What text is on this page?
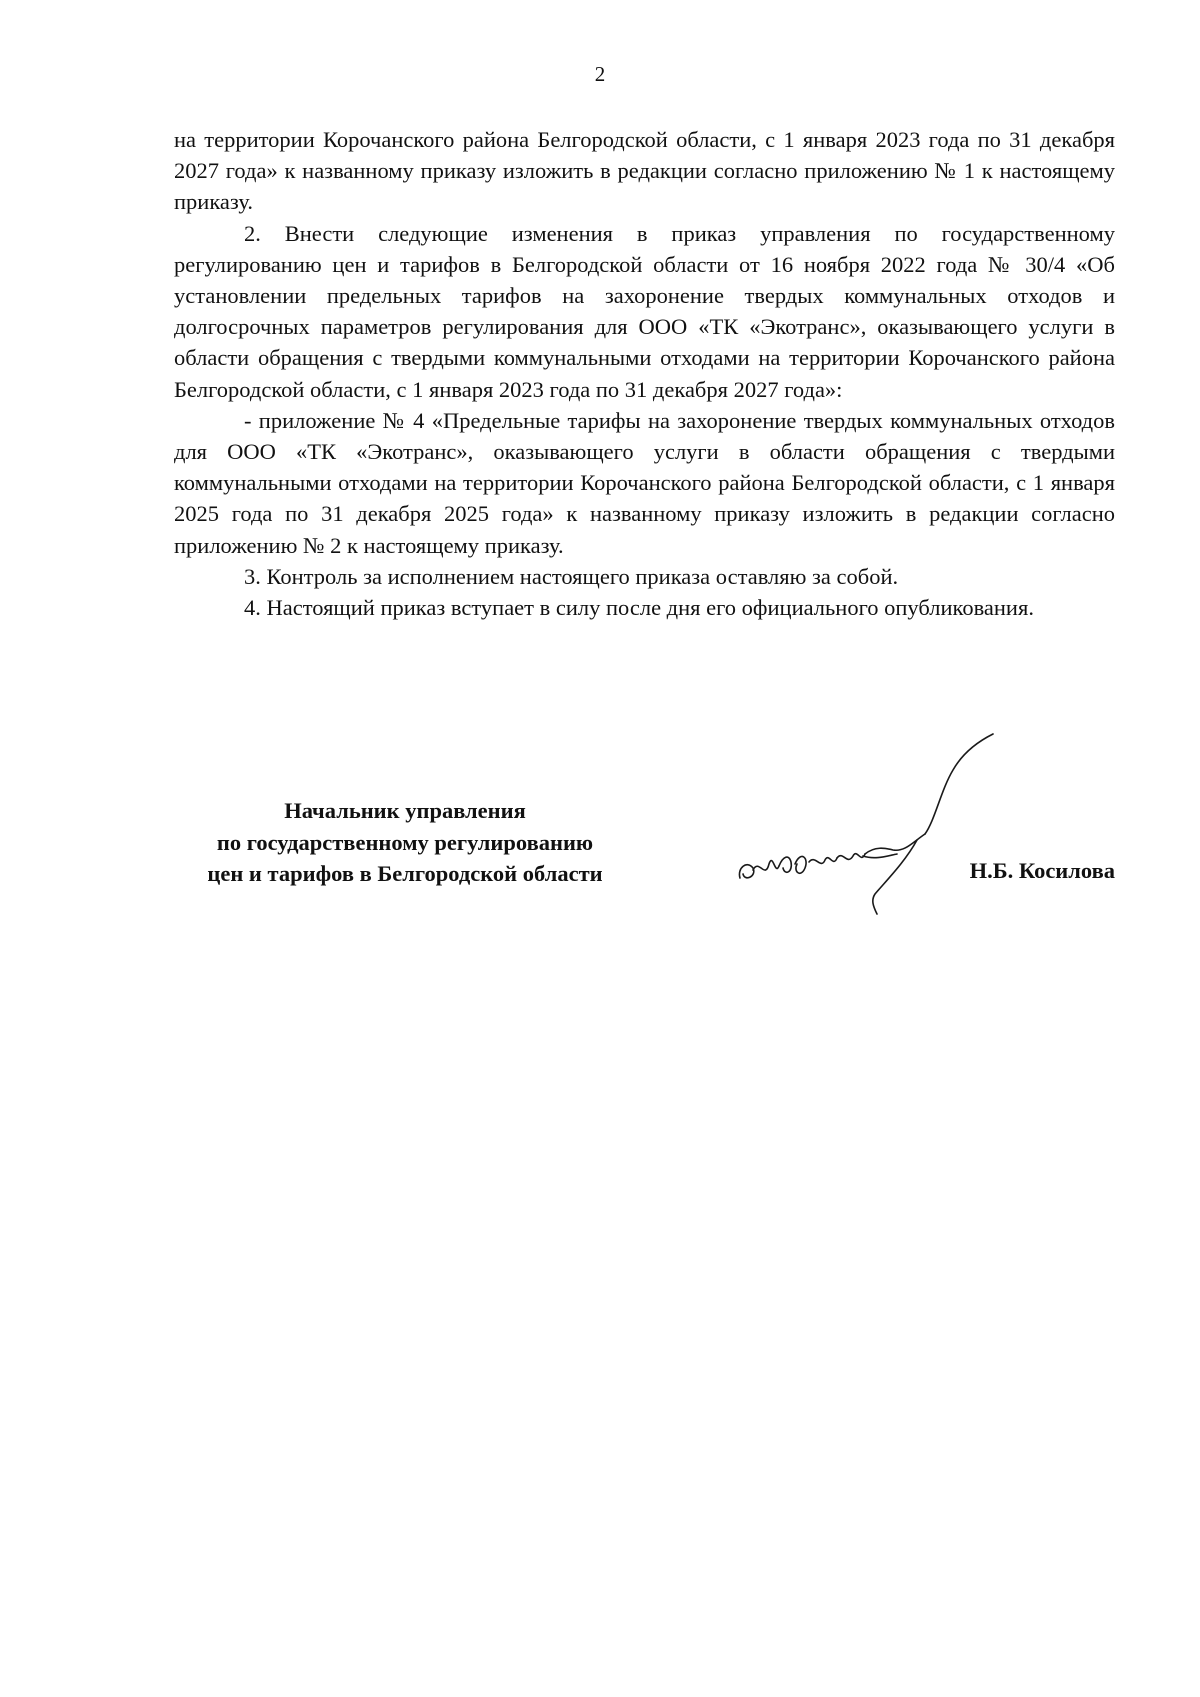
2

на территории Корочанского района Белгородской области, с 1 января 2023 года по 31 декабря 2027 года» к названному приказу изложить в редакции согласно приложению № 1 к настоящему приказу.

2. Внести следующие изменения в приказ управления по государственному регулированию цен и тарифов в Белгородской области от 16 ноября 2022 года № 30/4 «Об установлении предельных тарифов на захоронение твердых коммунальных отходов и долгосрочных параметров регулирования для ООО «ТК «Экотранс», оказывающего услуги в области обращения с твердыми коммунальными отходами на территории Корочанского района Белгородской области, с 1 января 2023 года по 31 декабря 2027 года»:

- приложение № 4 «Предельные тарифы на захоронение твердых коммунальных отходов для ООО «ТК «Экотранс», оказывающего услуги в области обращения с твердыми коммунальными отходами на территории Корочанского района Белгородской области, с 1 января 2025 года по 31 декабря 2025 года» к названному приказу изложить в редакции согласно приложению № 2 к настоящему приказу.

3. Контроль за исполнением настоящего приказа оставляю за собой.

4. Настоящий приказ вступает в силу после дня его официального опубликования.

Начальник управления
по государственному регулированию
цен и тарифов в Белгородской области	Н.Б. Косилова
